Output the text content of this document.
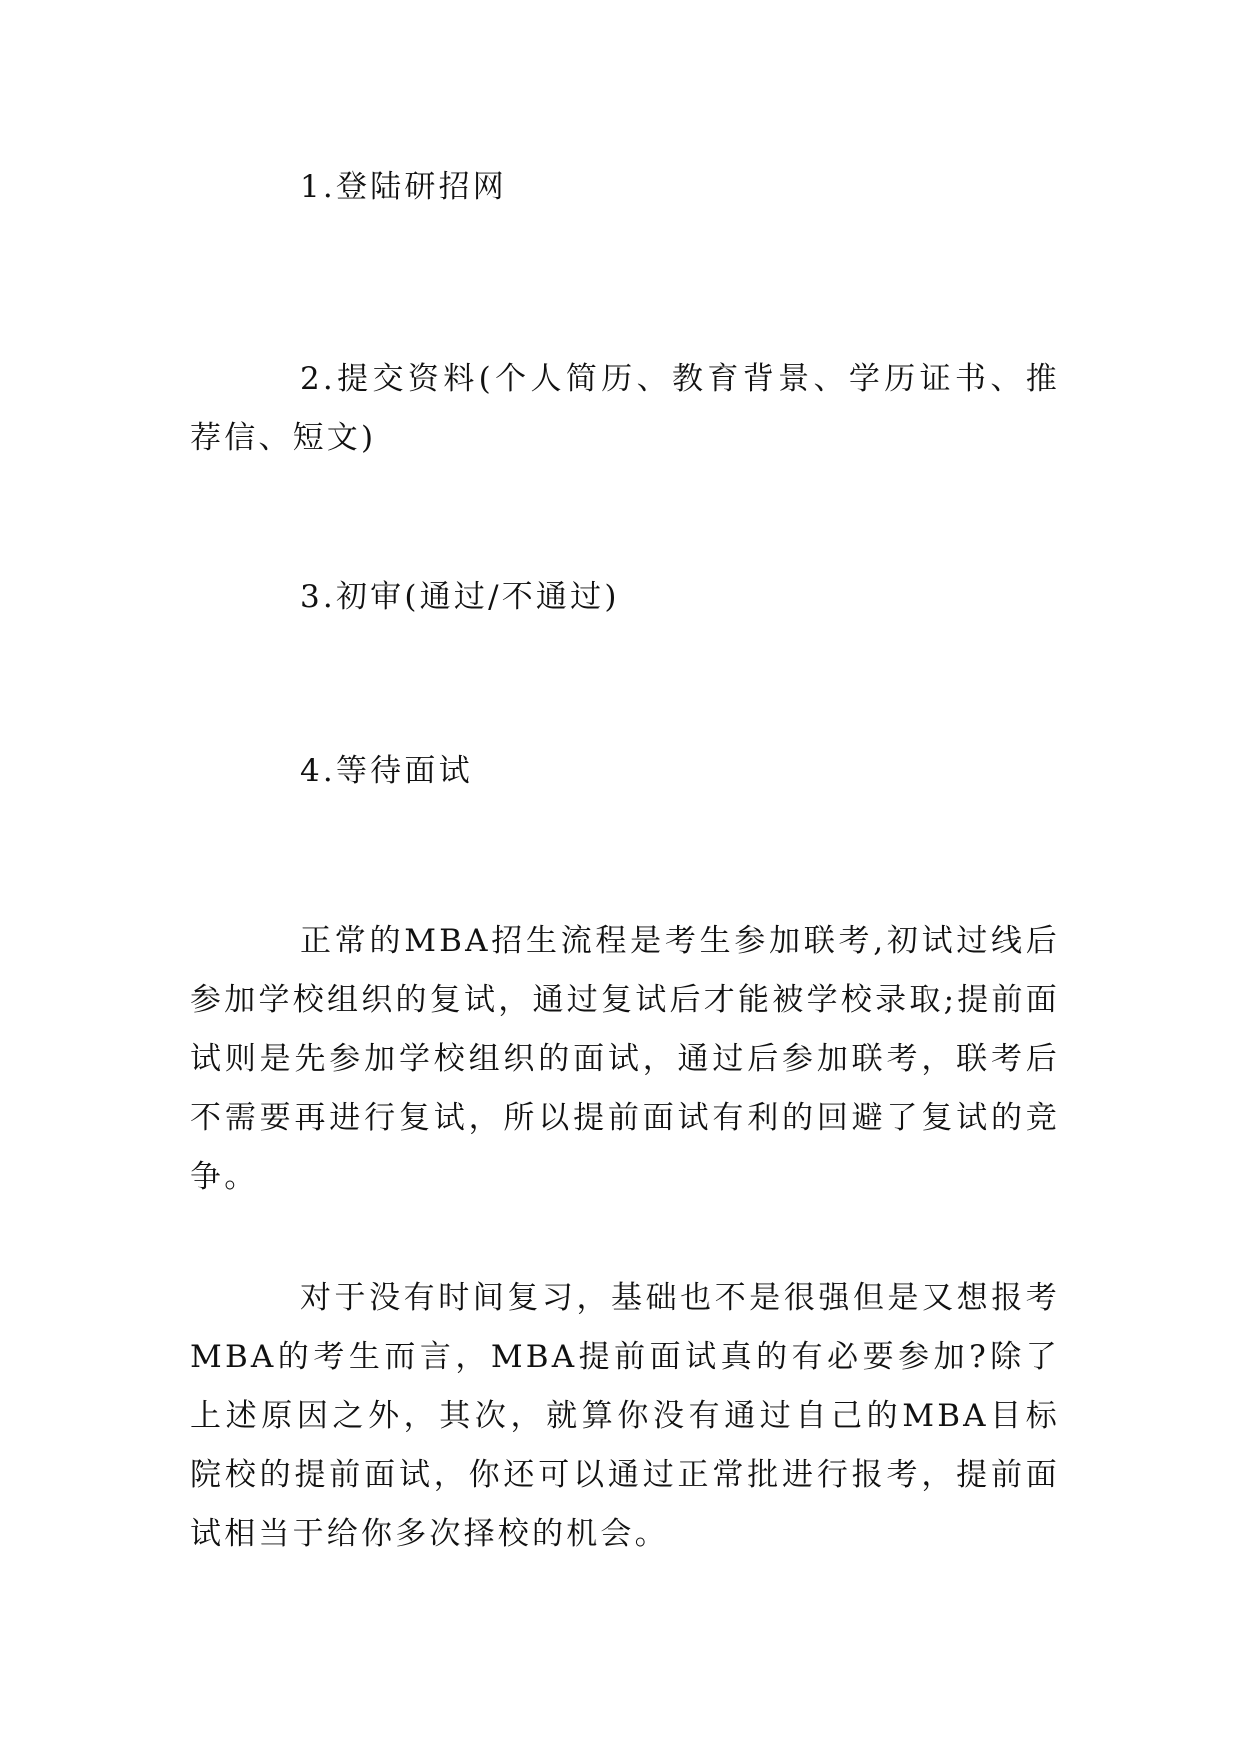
1.登陆研招网

2.提交资料(个人简历、教育背景、学历证书、推荐信、短文)

3.初审(通过/不通过)

4.等待面试

正常的MBA招生流程是考生参加联考,初试过线后参加学校组织的复试，通过复试后才能被学校录取;提前面试则是先参加学校组织的面试，通过后参加联考，联考后不需要再进行复试，所以提前面试有利的回避了复试的竞争。

对于没有时间复习，基础也不是很强但是又想报考MBA的考生而言，MBA提前面试真的有必要参加?除了上述原因之外，其次，就算你没有通过自己的MBA目标院校的提前面试，你还可以通过正常批进行报考，提前面试相当于给你多次择校的机会。
